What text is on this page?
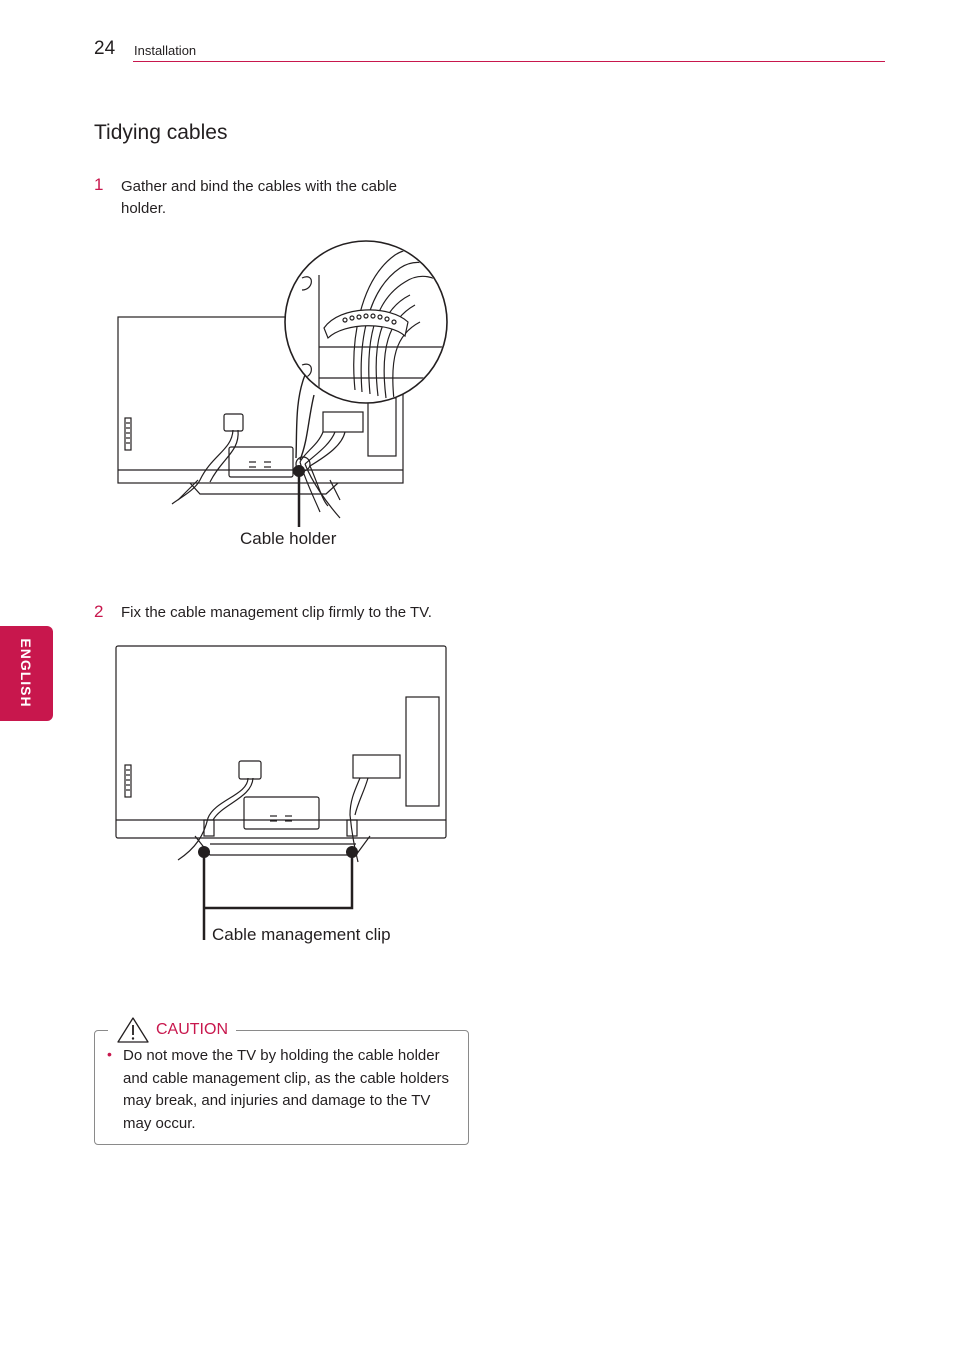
24 Installation
Tidying cables
1 Gather and bind the cables with the cable holder.
Cable holder
2 Fix the cable management clip firmly to the TV.
Cable management clip
ENGLISH
CAUTION
• Do not move the TV by holding the cable holder and cable management clip, as the cable holders may break, and injuries and damage to the TV may occur.
